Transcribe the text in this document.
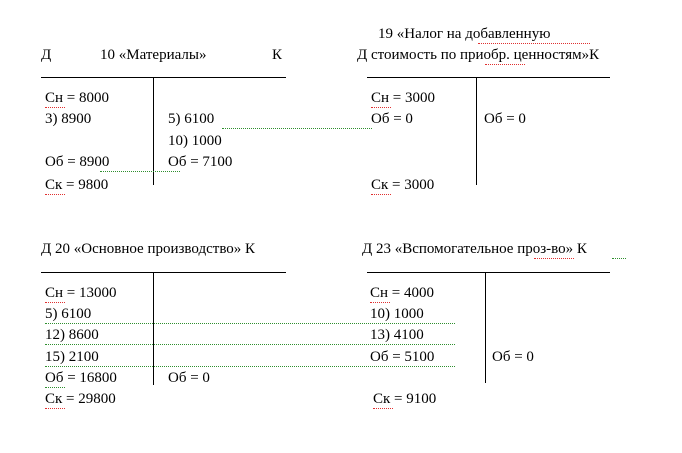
Д	10 «Материалы»	К
Сн = 8000
3) 8900
Об = 8900
Ск = 9800
5) 6100
10) 1000
Об = 7100
19 «Налог на добавленную
Д стоимость по приобр. ценностям»К
Сн = 3000
Об = 0
Ск = 3000
Об = 0
Д 20 «Основное производство» К
Сн = 13000
5) 6100
12) 8600
15) 2100
Об = 16800
Ск = 29800
Об = 0
Д 23 «Вспомогательное проз-во» К
Сн = 4000
10) 1000
13) 4100
Об = 5100
Ск = 9100
Об = 0
